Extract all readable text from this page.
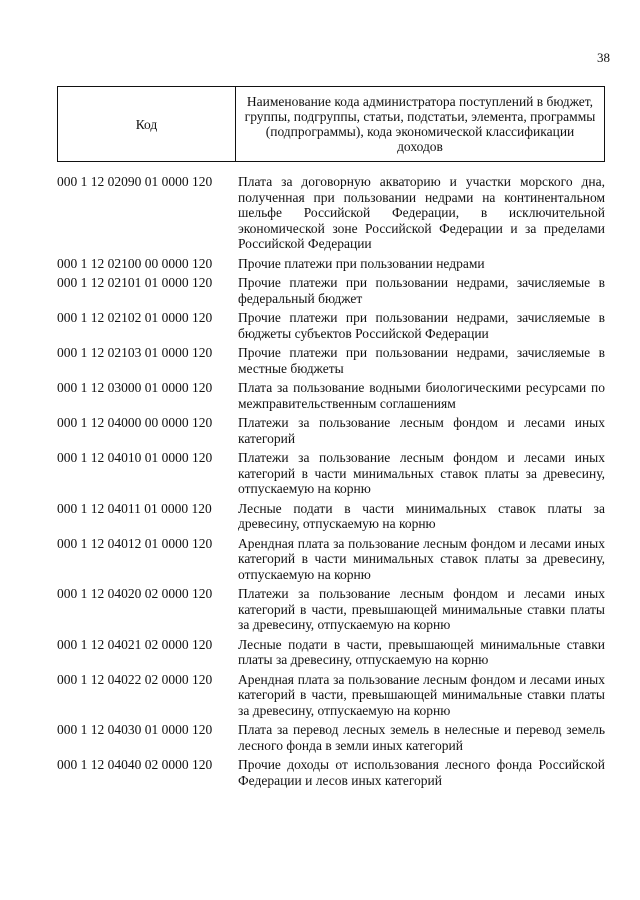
38
Код	Наименование кода администратора поступлений в бюджет, группы, подгруппы, статьи, подстатьи, элемента, программы (подпрограммы), кода экономической классификации доходов
000 1 12 02090 01 0000 120	Плата за договорную акваторию и участки морского дна, полученная при пользовании недрами на континентальном шельфе Российской Федерации, в исключительной экономической зоне Российской Федерации и за пределами Российской Федерации
000 1 12 02100 00 0000 120	Прочие платежи при пользовании недрами
000 1 12 02101 01 0000 120	Прочие платежи при пользовании недрами, зачисляемые в федеральный бюджет
000 1 12 02102 01 0000 120	Прочие платежи при пользовании недрами, зачисляемые в бюджеты субъектов Российской Федерации
000 1 12 02103 01 0000 120	Прочие платежи при пользовании недрами, зачисляемые в местные бюджеты
000 1 12 03000 01 0000 120	Плата за пользование водными биологическими ресурсами по межправительственным соглашениям
000 1 12 04000 00 0000 120	Платежи за пользование лесным фондом и лесами иных категорий
000 1 12 04010 01 0000 120	Платежи за пользование лесным фондом и лесами иных категорий в части минимальных ставок платы за древесину, отпускаемую на корню
000 1 12 04011 01 0000 120	Лесные подати в части минимальных ставок платы за древесину, отпускаемую на корню
000 1 12 04012 01 0000 120	Арендная плата за пользование лесным фондом и лесами иных категорий в части минимальных ставок платы за древесину, отпускаемую на корню
000 1 12 04020 02 0000 120	Платежи за пользование лесным фондом и лесами иных категорий в части, превышающей минимальные ставки платы за древесину, отпускаемую на корню
000 1 12 04021 02 0000 120	Лесные подати в части, превышающей минимальные ставки платы за древесину, отпускаемую на корню
000 1 12 04022 02 0000 120	Арендная плата за пользование лесным фондом и лесами иных категорий в части, превышающей минимальные ставки платы за древесину, отпускаемую на корню
000 1 12 04030 01 0000 120	Плата за перевод лесных земель в нелесные и перевод земель лесного фонда в земли иных категорий
000 1 12 04040 02 0000 120	Прочие доходы от использования лесного фонда Российской Федерации и лесов иных категорий
